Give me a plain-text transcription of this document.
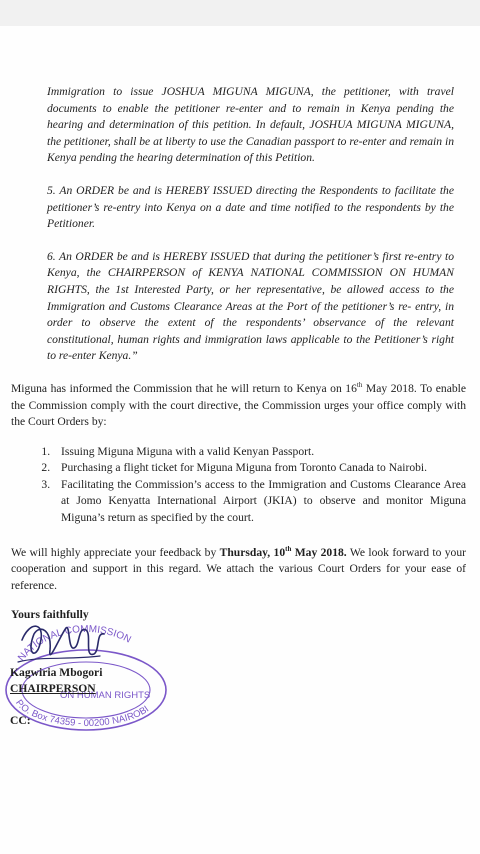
Immigration to issue JOSHUA MIGUNA MIGUNA, the petitioner, with travel documents to enable the petitioner re-enter and to remain in Kenya pending the hearing and determination of this petition. In default, JOSHUA MIGUNA MIGUNA, the petitioner, shall be at liberty to use the Canadian passport to re-enter and remain in Kenya pending the hearing determination of this Petition.

5. An ORDER be and is HEREBY ISSUED directing the Respondents to facilitate the petitioner’s re-entry into Kenya on a date and time notified to the respondents by the Petitioner.

6. An ORDER be and is HEREBY ISSUED that during the petitioner’s first re-entry to Kenya, the CHAIRPERSON of KENYA NATIONAL COMMISSION ON HUMAN RIGHTS, the 1st Interested Party, or her representative, be allowed access to the Immigration and Customs Clearance Areas at the Port of the petitioner’s re- entry, in order to observe the extent of the respondents’ observance of the relevant constitutional, human rights and immigration laws applicable to the Petitioner’s right to re-enter Kenya.”

Miguna has informed the Commission that he will return to Kenya on 16th May 2018. To enable the Commission comply with the court directive, the Commission urges your office comply with the Court Orders by:

1. Issuing Miguna Miguna with a valid Kenyan Passport.
2. Purchasing a flight ticket for Miguna Miguna from Toronto Canada to Nairobi.
3. Facilitating the Commission’s access to the Immigration and Customs Clearance Area at Jomo Kenyatta International Airport (JKIA) to observe and monitor Miguna Miguna’s return as specified by the court.

We will highly appreciate your feedback by Thursday, 10th May 2018. We look forward to your cooperation and support in this regard. We attach the various Court Orders for your ease of reference.

Yours faithfully
NATIONAL COMMISSION
ON HUMAN RIGHTS
P.O. Box 74359 - 00200 NAIROBI
Kagwiria Mbogori
CHAIRPERSON
CC:
